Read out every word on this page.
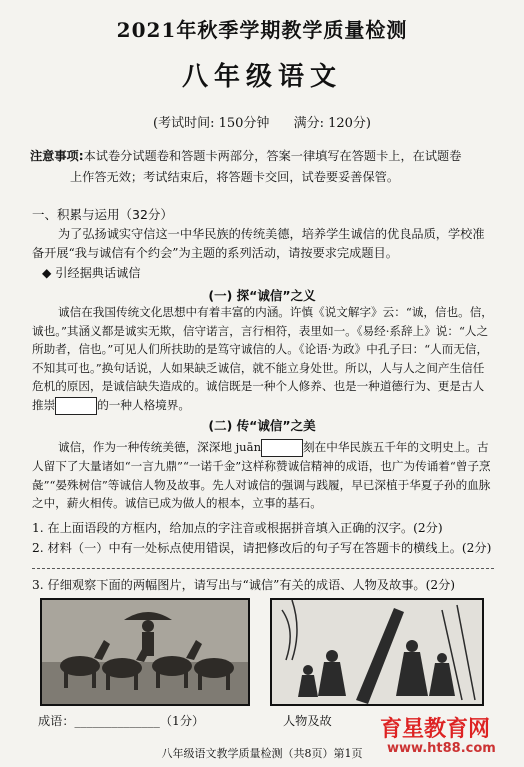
2021年秋季学期教学质量检测
八年级语文
(考试时间: 150分钟 满分: 120分)
注意事项:本试卷分试题卷和答题卡两部分，答案一律填写在答题卡上，在试题卷
上作答无效；考试结束后，将答题卡交回，试卷要妥善保管。
一、积累与运用（32分）
为了弘扬诚实守信这一中华民族的传统美德，培养学生诚信的优良品质，学校准备开展“我与诚信有个约会”为主题的系列活动，请按要求完成题目。
◆ 引经据典话诚信
(一) 探“诚信”之义
诚信在我国传统文化思想中有着丰富的内涵。许慎《说文解字》云：“诚，信也。信，诚也。”其涵义都是诚实无欺，信守诺言，言行相符，表里如一。《易经·系辞上》说：“人之所助者，信也。”可见人们所扶助的是笃守诚信的人。《论语·为政》中孔子曰：“人而无信，不知其可也。”换句话说，人如果缺乏诚信，就不能立身处世。所以，人与人之间产生信任危机的原因，是诚信缺失造成的。诚信既是一种个人修养、也是一种道德行为、更是古人推崇	的一种人格境界。
(二) 传“诚信”之美
诚信，作为一种传统美德，深深地 juān	刻在中华民族五千年的文明史上。古人留下了大量诸如“一言九鼎”“一诺千金”这样称赞诚信精神的成语，也广为传诵着“曾子烹彘”“晏殊树信”等诚信人物及故事。先人对诚信的强调与践履，早已深植于华夏子孙的血脉之中，薪火相传。诚信已成为做人的根本，立事的基石。
1. 在上面语段的方框内，给加点的字注音或根据拼音填入正确的汉字。(2分)
2. 材料（一）中有一处标点使用错误，请把修改后的句子写在答题卡的横线上。(2分)
3. 仔细观察下面的两幅图片，请写出与“诚信”有关的成语、人物及故事。(2分)
成语：______________（1分）	人物及故 育星教育网
www.ht88.com
八年级语文教学质量检测（共8页）第1页
